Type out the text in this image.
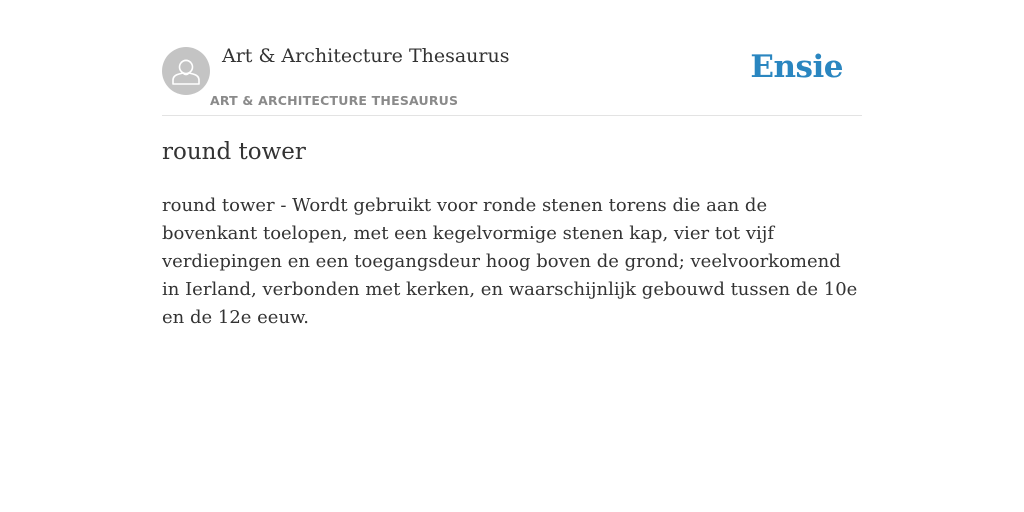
Art & Architecture Thesaurus
ART & ARCHITECTURE THESAURUS
Ensie
round tower

round tower - Wordt gebruikt voor ronde stenen torens die aan de bovenkant toelopen, met een kegelvormige stenen kap, vier tot vijf verdiepingen en een toegangsdeur hoog boven de grond; veelvoorkomend in Ierland, verbonden met kerken, en waarschijnlijk gebouwd tussen de 10e en de 12e eeuw.
